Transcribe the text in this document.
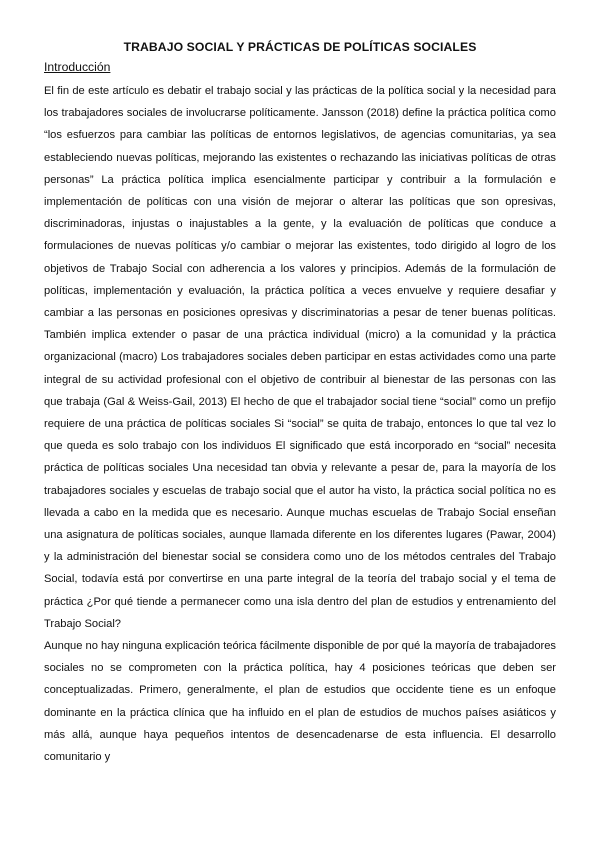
TRABAJO SOCIAL Y PRÁCTICAS DE POLÍTICAS SOCIALES
Introducción

El fin de este artículo es debatir el trabajo social y las prácticas de la política social y la necesidad para los trabajadores sociales de involucrarse políticamente. Jansson (2018) define la práctica política como “los esfuerzos para cambiar las políticas de entornos legislativos, de agencias comunitarias, ya sea estableciendo nuevas políticas, mejorando las existentes o rechazando las iniciativas políticas de otras personas” La práctica política implica esencialmente participar y contribuir a la formulación e implementación de políticas con una visión de mejorar o alterar las políticas que son opresivas, discriminadoras, injustas o inajustables a la gente, y la evaluación de políticas que conduce a formulaciones de nuevas políticas y/o cambiar o mejorar las existentes, todo dirigido al logro de los objetivos de Trabajo Social con adherencia a los valores y principios. Además de la formulación de políticas, implementación y evaluación, la práctica política a veces envuelve y requiere desafiar y cambiar a las personas en posiciones opresivas y discriminatorias a pesar de tener buenas políticas. También implica extender o pasar de una práctica individual (micro) a la comunidad y la práctica organizacional (macro) Los trabajadores sociales deben participar en estas actividades como una parte integral de su actividad profesional con el objetivo de contribuir al bienestar de las personas con las que trabaja (Gal & Weiss-Gail, 2013) El hecho de que el trabajador social tiene “social” como un prefijo requiere de una práctica de políticas sociales Si “social” se quita de trabajo, entonces lo que tal vez lo que queda es solo trabajo con los individuos El significado que está incorporado en “social” necesita práctica de políticas sociales Una necesidad tan obvia y relevante a pesar de, para la mayoría de los trabajadores sociales y escuelas de trabajo social que el autor ha visto, la práctica social política no es llevada a cabo en la medida que es necesario. Aunque muchas escuelas de Trabajo Social enseñan una asignatura de políticas sociales, aunque llamada diferente en los diferentes lugares (Pawar, 2004) y la administración del bienestar social se considera como uno de los métodos centrales del Trabajo Social, todavía está por convertirse en una parte integral de la teoría del trabajo social y el tema de práctica ¿Por qué tiende a permanecer como una isla dentro del plan de estudios y entrenamiento del Trabajo Social?

Aunque no hay ninguna explicación teórica fácilmente disponible de por qué la mayoría de trabajadores sociales no se comprometen con la práctica política, hay 4 posiciones teóricas que deben ser conceptualizadas. Primero, generalmente, el plan de estudios que occidente tiene es un enfoque dominante en la práctica clínica que ha influido en el plan de estudios de muchos países asiáticos y más allá, aunque haya pequeños intentos de desencadenarse de esta influencia. El desarrollo comunitario y
